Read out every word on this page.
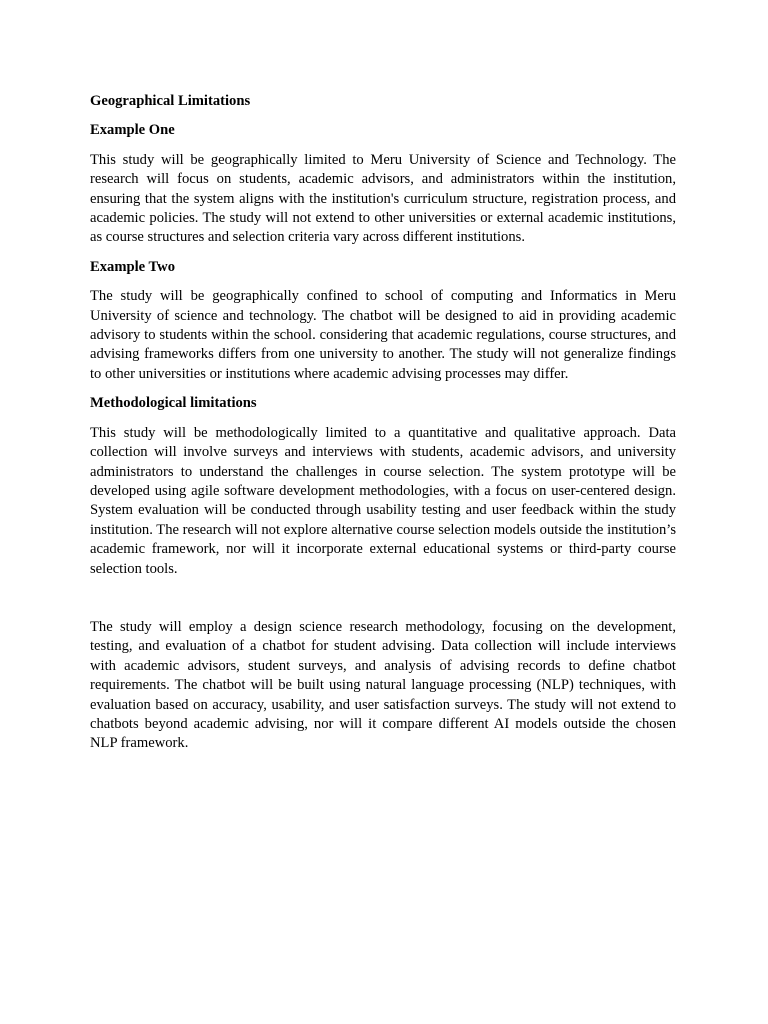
Geographical Limitations

Example One

This study will be geographically limited to Meru University of Science and Technology. The research will focus on students, academic advisors, and administrators within the institution, ensuring that the system aligns with the institution's curriculum structure, registration process, and academic policies. The study will not extend to other universities or external academic institutions, as course structures and selection criteria vary across different institutions.

Example Two

The study will be geographically confined to school of computing and Informatics in Meru University of science and technology. The chatbot will be designed to aid in providing academic advisory to students within the school. considering that academic regulations, course structures, and advising frameworks differs from one university to another. The study will not generalize findings to other universities or institutions where academic advising processes may differ.

Methodological limitations

This study will be methodologically limited to a quantitative and qualitative approach. Data collection will involve surveys and interviews with students, academic advisors, and university administrators to understand the challenges in course selection. The system prototype will be developed using agile software development methodologies, with a focus on user-centered design. System evaluation will be conducted through usability testing and user feedback within the study institution. The research will not explore alternative course selection models outside the institution’s academic framework, nor will it incorporate external educational systems or third-party course selection tools.

The study will employ a design science research methodology, focusing on the development, testing, and evaluation of a chatbot for student advising. Data collection will include interviews with academic advisors, student surveys, and analysis of advising records to define chatbot requirements. The chatbot will be built using natural language processing (NLP) techniques, with evaluation based on accuracy, usability, and user satisfaction surveys. The study will not extend to chatbots beyond academic advising, nor will it compare different AI models outside the chosen NLP framework.
